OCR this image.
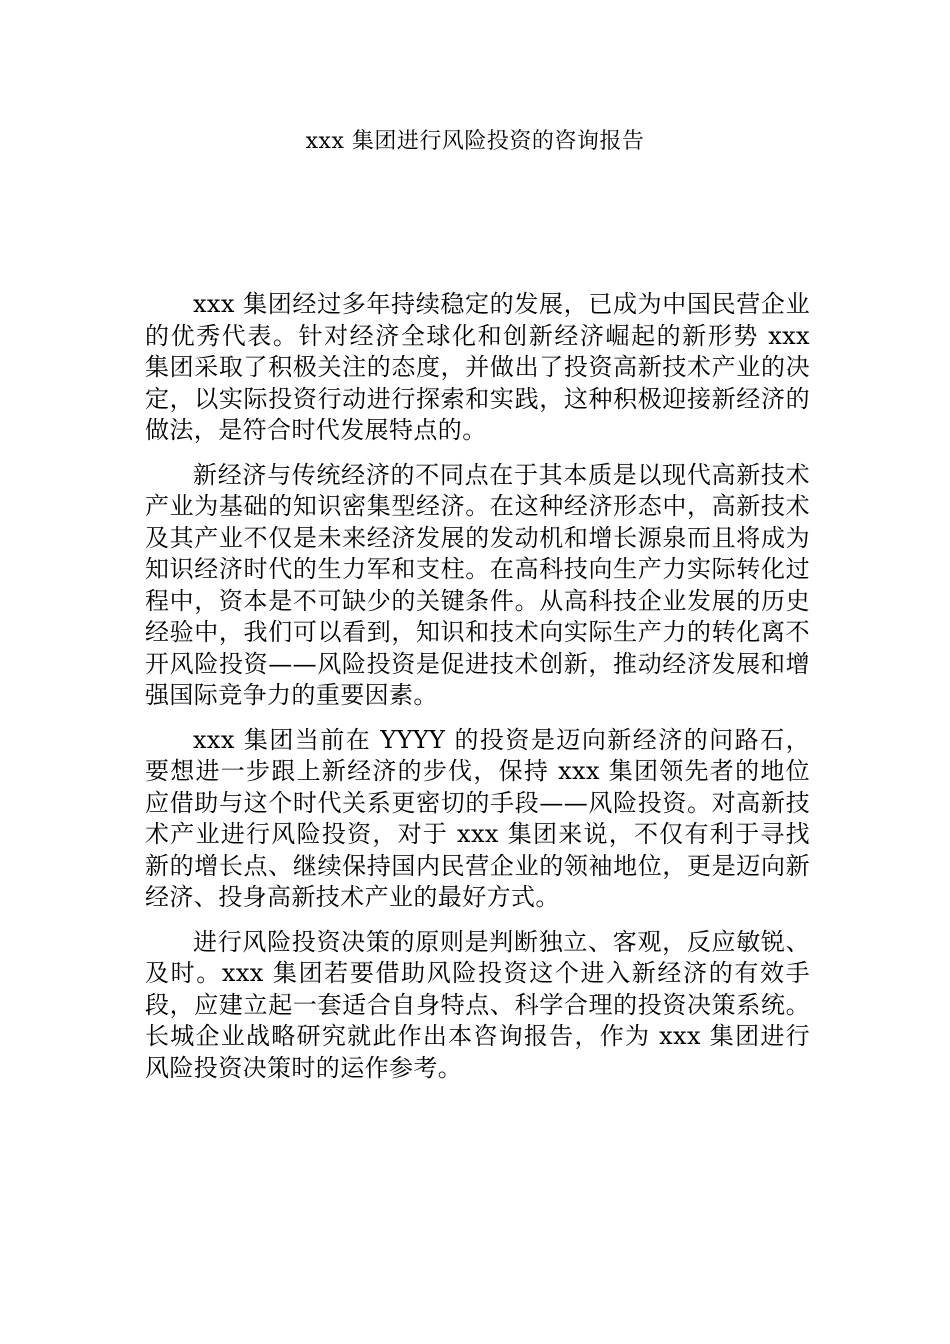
xxx 集团进行风险投资的咨询报告

xxx 集团经过多年持续稳定的发展，已成为中国民营企业的优秀代表。针对经济全球化和创新经济崛起的新形势 xxx 集团采取了积极关注的态度，并做出了投资高新技术产业的决定，以实际投资行动进行探索和实践，这种积极迎接新经济的做法，是符合时代发展特点的。

新经济与传统经济的不同点在于其本质是以现代高新技术产业为基础的知识密集型经济。在这种经济形态中，高新技术及其产业不仅是未来经济发展的发动机和增长源泉而且将成为知识经济时代的生力军和支柱。在高科技向生产力实际转化过程中，资本是不可缺少的关键条件。从高科技企业发展的历史经验中，我们可以看到，知识和技术向实际生产力的转化离不开风险投资——风险投资是促进技术创新，推动经济发展和增强国际竞争力的重要因素。

xxx 集团当前在 YYYY 的投资是迈向新经济的问路石，要想进一步跟上新经济的步伐，保持 xxx 集团领先者的地位应借助与这个时代关系更密切的手段——风险投资。对高新技术产业进行风险投资，对于 xxx 集团来说，不仅有利于寻找新的增长点、继续保持国内民营企业的领袖地位，更是迈向新经济、投身高新技术产业的最好方式。

进行风险投资决策的原则是判断独立、客观，反应敏锐、及时。xxx 集团若要借助风险投资这个进入新经济的有效手段，应建立起一套适合自身特点、科学合理的投资决策系统。长城企业战略研究就此作出本咨询报告，作为 xxx 集团进行风险投资决策时的运作参考。
